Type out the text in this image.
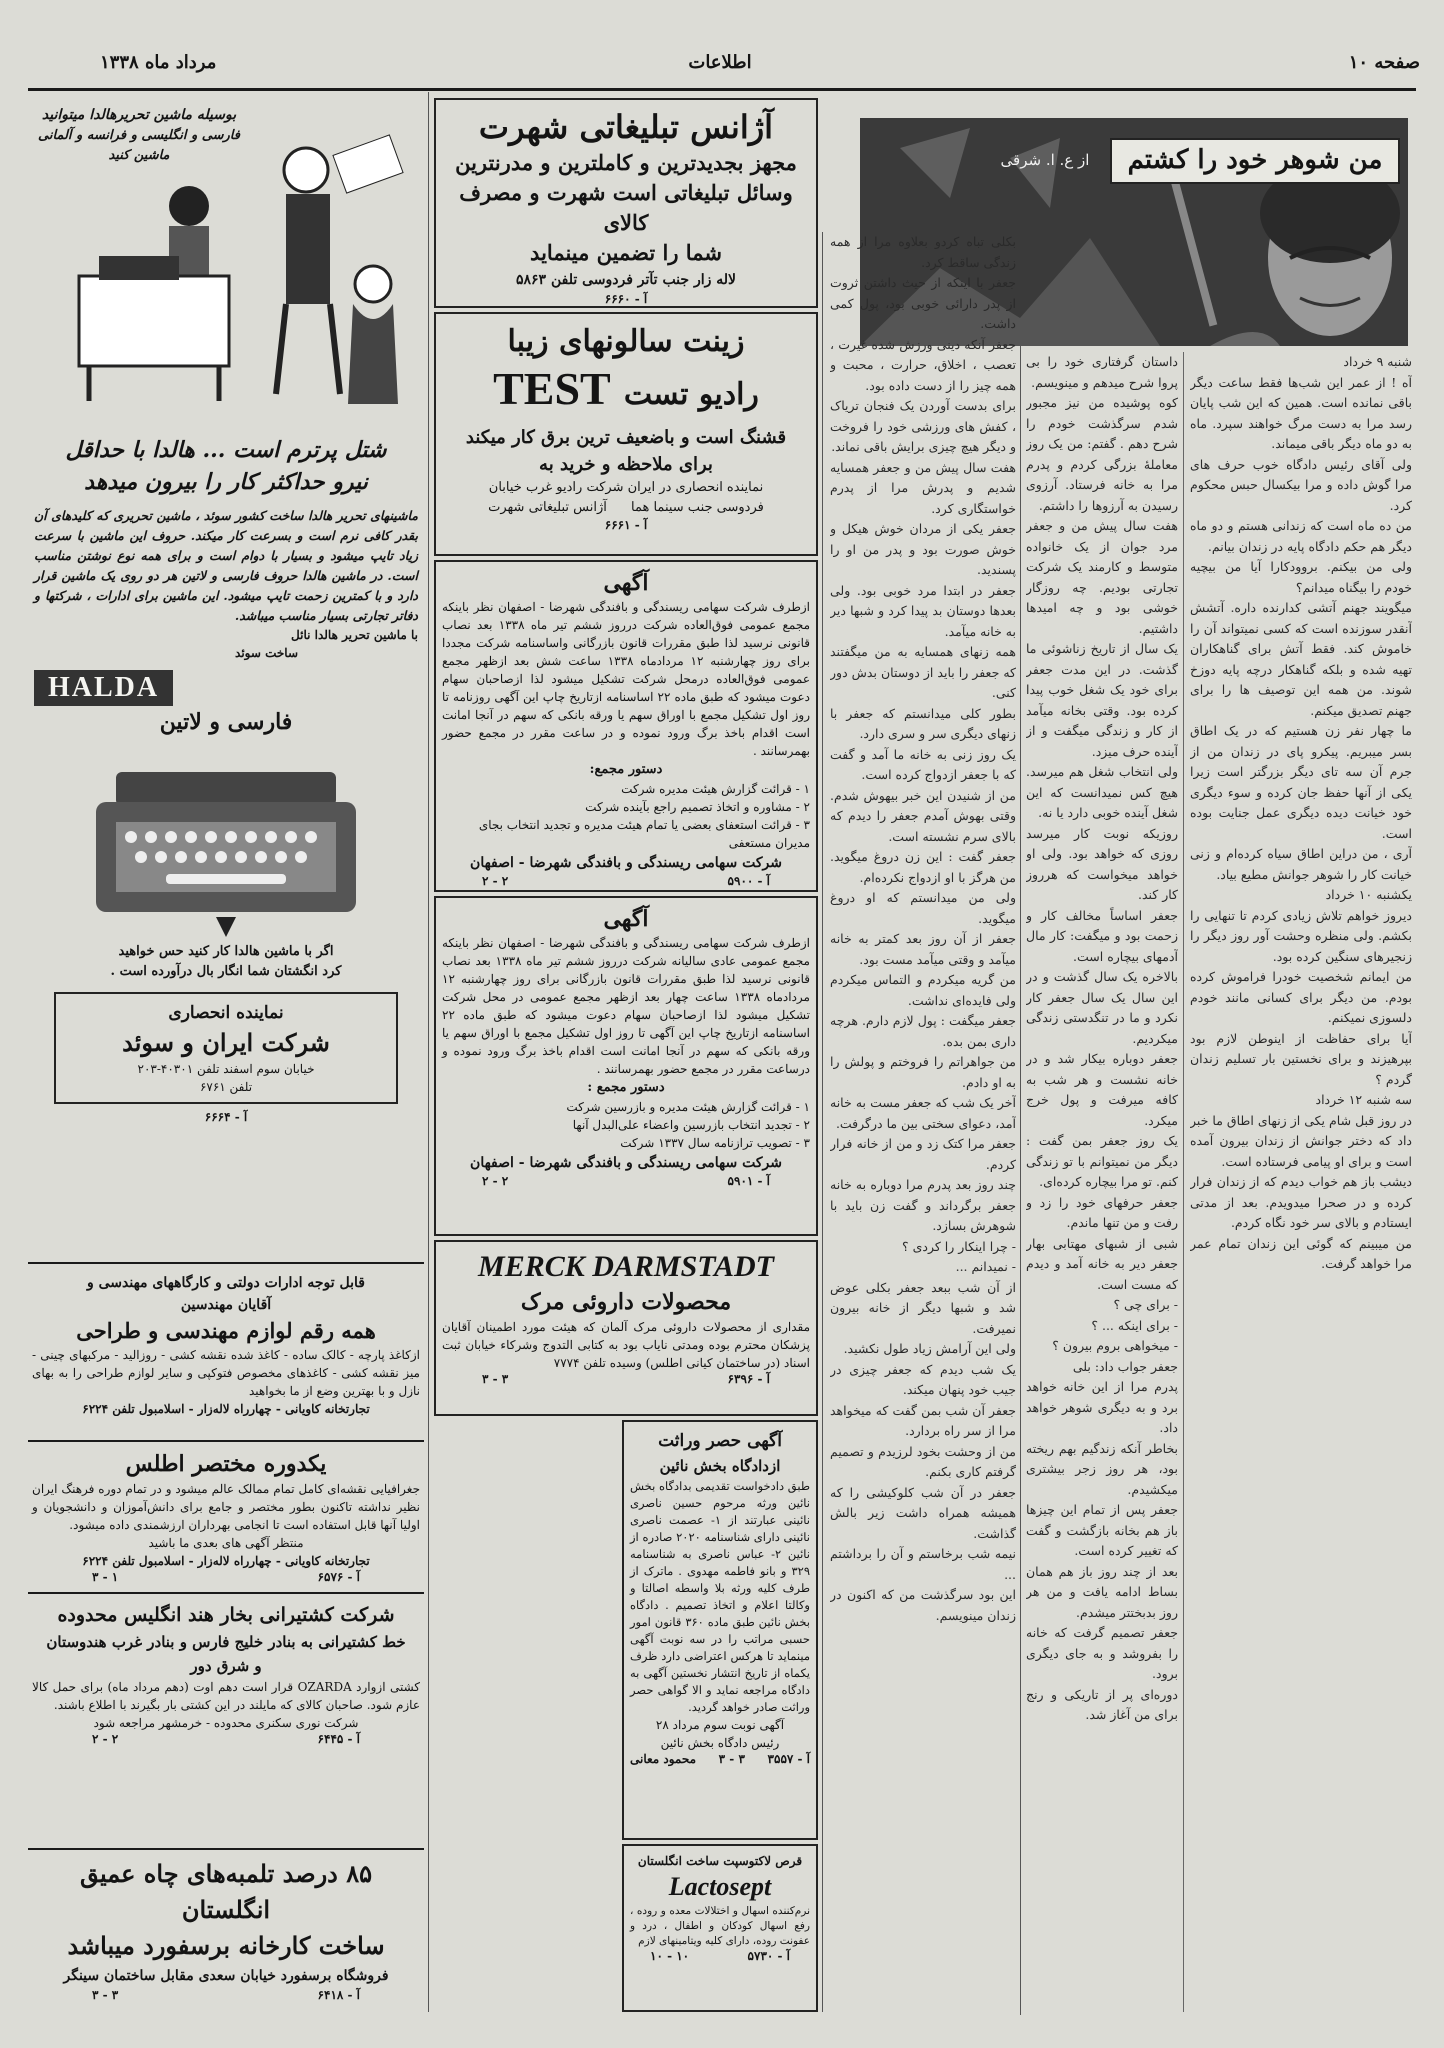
صفحه ۱۰
اطلاعات
مرداد ماه ۱۳۳۸
من شوهر خود را کشتم
از ع. ا. شرقی
شنبه ۹ خرداد
آه ! از عمر این شب‌ها فقط ساعت دیگر باقی نمانده است. همین که این شب پایان رسد مرا به دست مرگ خواهند سپرد. ماه به دو ماه دیگر باقی میماند.
ولی آقای رئیس دادگاه خوب حرف های مرا گوش داده و مرا بیکسال حبس محکوم کرد.
من ده ماه است که زندانی هستم و دو ماه دیگر هم حکم دادگاه پایه در زندان بیانم.
ولی من بیکنم. بروودکارا آیا من بیچیه خودم را بیگناه میدانم؟
میگویند جهنم آتشی کدارنده داره. آتشش آنقدر سوزنده است که کسی نمیتواند آن را خاموش کند. فقط آتش برای گناهکاران تهیه شده و بلکه گناهکار درچه پایه دوزخ شوند. من همه این توصیف ها را برای جهنم تصدیق میکنم.
ما چهار نفر زن هستیم که در یک اطاق بسر میبریم. پیکرو پای در زندان من از جرم آن سه تای دیگر بزرگتر است زیرا یکی از آنها حفظ جان کرده و سوء دیگری خود خیانت دیده دیگری عمل جنایت بوده است.
آری ، من دراین اطاق سیاه کرده‌ام و زنی خیانت کار را شوهر جوانش مطیع بیاد.
یکشنبه ۱۰ خرداد
دیروز خواهم تلاش زیادی کردم تا تنهایی را بکشم. ولی منظره وحشت آور روز دیگر را زنجیرهای سنگین کرده بود.
من ایمانم شخصیت خودرا فراموش کرده بودم. من دیگر برای کسانی مانند خودم دلسوزی نمیکنم.
آیا برای حفاظت از اینوطن لازم بود بپرهیزند و برای نخستین بار تسلیم زندان گردم ؟
سه شنبه ۱۲ خرداد
در روز قبل شام یکی از زنهای اطاق ما خبر داد که دختر جوانش از زندان بیرون آمده است و برای او پیامی فرستاده است.
دیشب باز هم خواب دیدم که از زندان فرار کرده و در صحرا میدویدم. بعد از مدتی ایستادم و بالای سر خود نگاه کردم.
من میبینم که گوئی این زندان تمام عمر مرا خواهد گرفت.
داستان گرفتاری خود را بی پروا شرح میدهم و مینویسم.
کوه پوشیده من نیز مجبور شدم سرگذشت خودم را شرح دهم . گفتم: من یک روز معاملهٔ بزرگی کردم و پدرم مرا به خانه فرستاد. آرزوی رسیدن به آرزوها را داشتم.
هفت سال پیش من و جعفر مرد جوان از یک خانواده متوسط و کارمند یک شرکت تجارتی بودیم. چه روزگار خوشی بود و چه امیدها داشتیم.
یک سال از تاریخ زناشوئی ما گذشت. در این مدت جعفر برای خود یک شغل خوب پیدا کرده بود. وقتی بخانه میآمد از کار و زندگی میگفت و از آینده حرف میزد.
ولی انتخاب شغل هم میرسد. هیچ کس نمیدانست که این شغل آینده خوبی دارد یا نه.
روزیکه نوبت کار میرسد روزی که خواهد بود. ولی او خواهد میخواست که هرروز کار کند.
جعفر اساساً مخالف کار و زحمت بود و میگفت: کار مال آدمهای بیچاره است.
بالاخره یک سال گذشت و در این سال یک سال جعفر کار نکرد و ما در تنگدستی زندگی میکردیم.
جعفر دوباره بیکار شد و در خانه نشست و هر شب به کافه میرفت و پول خرج میکرد.
یک روز جعفر بمن گفت : دیگر من نمیتوانم با تو زندگی کنم. تو مرا بیچاره کرده‌ای.
جعفر حرفهای خود را زد و رفت و من تنها ماندم.
شبی از شبهای مهتابی بهار جعفر دیر به خانه آمد و دیدم که مست است.
- برای چی ؟
- برای اینکه ... ؟
- میخواهی بروم بیرون ؟
جعفر جواب داد: بلی
پدرم مرا از این خانه خواهد برد و به دیگری شوهر خواهد داد.
بخاطر آنکه زندگیم بهم ریخته بود، هر روز زجر بیشتری میکشیدم.
جعفر پس از تمام این چیزها باز هم بخانه بازگشت و گفت که تغییر کرده است.
بعد از چند روز باز هم همان بساط ادامه یافت و من هر روز بدبختتر میشدم.
جعفر تصمیم گرفت که خانه را بفروشد و به جای دیگری برود.
دوره‌ای پر از تاریکی و رنج برای من آغاز شد.
بکلی تباه کردو بعلاوه مرا از همه زندگی ساقط کرد.
جعفر با اینکه از حیث داشتن ثروت از پدر دارائی خوبی بود، پول کمی داشت.
جعفر آنکه دینی ورزش شده غیرت ، تعصب ، اخلاق، حرارت ، محبت و همه چیز را از دست داده بود.
برای بدست آوردن یک فنجان تریاک ، کفش های ورزشی خود را فروخت و دیگر هیچ چیزی برایش باقی نماند.
هفت سال پیش من و جعفر همسایه شدیم و پدرش مرا از پدرم خواستگاری کرد.
جعفر یکی از مردان خوش هیکل و خوش صورت بود و پدر من او را پسندید.
جعفر در ابتدا مرد خوبی بود. ولی بعدها دوستان بد پیدا کرد و شبها دیر به خانه میآمد.
همه زنهای همسایه به من میگفتند که جعفر را باید از دوستان بدش دور کنی.
بطور کلی میدانستم که جعفر با زنهای دیگری سر و سری دارد.
یک روز زنی به خانه ما آمد و گفت که با جعفر ازدواج کرده است.
من از شنیدن این خبر بیهوش شدم. وقتی بهوش آمدم جعفر را دیدم که بالای سرم نشسته است.
جعفر گفت : این زن دروغ میگوید. من هرگز با او ازدواج نکرده‌ام.
ولی من میدانستم که او دروغ میگوید.
جعفر از آن روز بعد کمتر به خانه میآمد و وقتی میآمد مست بود.
من گریه میکردم و التماس میکردم ولی فایده‌ای نداشت.
جعفر میگفت : پول لازم دارم. هرچه داری بمن بده.
من جواهراتم را فروختم و پولش را به او دادم.
آخر یک شب که جعفر مست به خانه آمد، دعوای سختی بین ما درگرفت.
جعفر مرا کتک زد و من از خانه فرار کردم.
چند روز بعد پدرم مرا دوباره به خانه جعفر برگرداند و گفت زن باید با شوهرش بسازد.
- چرا اینکار را کردی ؟
- نمیدانم ...
از آن شب ببعد جعفر بکلی عوض شد و شبها دیگر از خانه بیرون نمیرفت.
ولی این آرامش زیاد طول نکشید.
یک شب دیدم که جعفر چیزی در جیب خود پنهان میکند.
جعفر آن شب بمن گفت که میخواهد مرا از سر راه بردارد.
من از وحشت بخود لرزیدم و تصمیم گرفتم کاری بکنم.
جعفر در آن شب کلوکیشی را که همیشه همراه داشت زیر بالش گذاشت.
نیمه شب برخاستم و آن را برداشتم ...
این بود سرگذشت من که اکنون در زندان مینویسم.
آژانس تبلیغاتی شهرت
مجهز بجدیدترین و کاملترین و مدرنترین
وسائل تبلیغاتی است شهرت و مصرف کالای
شما را تضمین مینماید
لاله زار جنب تآتر فردوسی تلفن ۵۸۶۳
آ - ۶۶۶۰
زینت سالونهای زیبا
رادیو تست TEST
قشنگ است و باضعیف ترین برق کار میکند
برای ملاحظه و خرید به
نماینده انحصاری در ایران شرکت رادیو غرب خیابان
فردوسی جنب سینما هما آژانس تبلیغاتی شهرت
آ - ۶۶۶۱
آگهی
ازطرف شرکت سهامی ریسندگی و بافندگی شهرضا - اصفهان نظر باینکه مجمع عمومی فوق‌العاده شرکت درروز ششم تیر ماه ۱۳۳۸ بعد نصاب قانونی نرسید لذا طبق مقررات قانون بازرگانی واساسنامه شرکت مجددا برای روز چهارشنبه ۱۲ مردادماه ۱۳۳۸ ساعت شش بعد ازظهر مجمع عمومی فوق‌العاده درمحل شرکت تشکیل میشود لذا ازصاحبان سهام دعوت میشود که طبق ماده ۲۲ اساسنامه ازتاریخ چاپ این آگهی روزنامه تا روز اول تشکیل مجمع با اوراق سهم یا ورقه بانکی که سهم در آنجا امانت است اقدام باخذ برگ ورود نموده و در ساعت مقرر در مجمع حضور بهمرسانند .
دستور مجمع:
۱ - قرائت گزارش هیئت مدیره شرکت
۲ - مشاوره و اتخاذ تصمیم راجع بآینده شرکت
۳ - قرائت استعفای بعضی یا تمام هیئت مدیره و تجدید انتخاب بجای مدیران مستعفی
شرکت سهامی ریسندگی و بافندگی شهرضا - اصفهان
آ - ۵۹۰۰
۲ - ۲
آگهی
ازطرف شرکت سهامی ریسندگی و بافندگی شهرضا - اصفهان نظر باینکه مجمع عمومی عادی سالیانه شرکت درروز ششم تیر ماه ۱۳۳۸ بعد نصاب قانونی نرسید لذا طبق مقررات قانون بازرگانی برای روز چهارشنبه ۱۲ مردادماه ۱۳۳۸ ساعت چهار بعد ازظهر مجمع عمومی در محل شرکت تشکیل میشود لذا ازصاحبان سهام دعوت میشود که طبق ماده ۲۲ اساسنامه ازتاریخ چاپ این آگهی تا روز اول تشکیل مجمع با اوراق سهم یا ورقه بانکی که سهم در آنجا امانت است اقدام باخذ برگ ورود نموده و درساعت مقرر در مجمع حضور بهمرسانند .
دستور مجمع :
۱ - قرائت گزارش هیئت مدیره و بازرسین شرکت
۲ - تجدید انتخاب بازرسین واعضاء علی‌البدل آنها
۳ - تصویب ترازنامه سال ۱۳۳۷ شرکت
شرکت سهامی ریسندگی و بافندگی شهرضا - اصفهان
آ - ۵۹۰۱
۲ - ۲
MERCK DARMSTADT
محصولات داروئی مرک
مقداری از محصولات داروئی مرک آلمان که هیئت مورد اطمینان آقایان پزشکان محترم بوده ومدتی نایاب بود به کتابی التدوج وشرکاء خیابان ثبت اسناد (در ساختمان کیانی اطلس) وسیده تلفن ۷۷۷۴
آ - ۶۳۹۶
۳ - ۳
آگهی حصر وراثت
ازدادگاه بخش نائین
طبق دادخواست تقدیمی بدادگاه بخش نائین ورثه مرحوم حسین ناصری نائینی عبارتند از ۱- عصمت ناصری نائینی دارای شناسنامه ۲۰۲۰ صادره از نائین ۲- عباس ناصری به شناسنامه ۳۲۹ و بانو فاطمه مهدوی . ماترک از طرف کلیه ورثه بلا واسطه اصالتا و وکالتا اعلام و اتخاذ تصمیم . دادگاه بخش نائین طبق ماده ۳۶۰ قانون امور حسبی مراتب را در سه نوبت آگهی مینماید تا هرکس اعتراضی دارد ظرف یکماه از تاریخ انتشار نخستین آگهی به دادگاه مراجعه نماید و الا گواهی حصر وراثت صادر خواهد گردید.
آگهی نوبت سوم مرداد ۲۸
رئیس دادگاه بخش نائین
آ - ۳۵۵۷
۳ - ۳
محمود معانی
قرص لاکتوسپت ساخت انگلستان
Lactosept
نرم‌کننده اسهال و اختلالات معده و روده ، رفع اسهال کودکان و اطفال ، درد و عفونت روده، دارای کلیه ویتامینهای لازم
آ - ۵۷۳۰
۱۰ - ۱۰
بوسیله ماشین تحریرهالدا میتوانید
فارسی و انگلیسی و فرانسه و آلمانی ماشین کنید
شتل پرترم است ... هالدا با حداقل
نیرو حداکثر کار را بیرون میدهد
ماشینهای تحریر هالدا ساخت کشور سوئد ، ماشین تحریری که کلیدهای آن بقدر کافی نرم است و بسرعت کار میکند. حروف این ماشین با سرعت زیاد تایپ میشود و بسیار با دوام است و برای همه نوع نوشتن مناسب است. در ماشین هالدا حروف فارسی و لاتین هر دو روی یک ماشین قرار دارد و با کمترین زحمت تایپ میشود. این ماشین برای ادارات ، شرکتها و دفاتر تجارتی بسیار مناسب میباشد.
با ماشین تحریر هالدا نائل
ساخت سوئد
HALDA
فارسی و لاتین
اگر با ماشین هالدا کار کنید حس خواهید
کرد انگشتان شما انگار بال درآورده است .
نماینده انحصاری
شرکت ایران و سوئد
خیابان سوم اسفند تلفن ۴۰۳۰۱-۲۰۳
تلفن ۶۷۶۱
آ - ۶۶۶۴
قابل توجه ادارات دولتی و کارگاههای مهندسی و
آقایان مهندسین
همه رقم لوازم مهندسی و طراحی
ازکاغذ پارچه - کالک ساده - کاغذ شده نقشه کشی - روزالید - مرکبهای چینی - میز نقشه کشی - کاغذهای مخصوص فتوکپی و سایر لوازم طراحی را به بهای نازل و با بهترین وضع از ما بخواهید
تجارتخانه کاویانی - چهارراه لاله‌زار - اسلامبول تلفن ۶۲۲۴
یکدوره مختصر اطلس
جغرافیایی نقشه‌ای کامل تمام ممالک عالم میشود و در تمام دوره فرهنگ ایران نظیر نداشته تاکنون بطور مختصر و جامع برای دانش‌آموزان و دانشجویان و اولیا آنها قابل استفاده است تا انجامی بهرداران ارزشمندی داده میشود.
منتظر آگهی های بعدی ما باشید
تجارتخانه کاویانی - چهارراه لاله‌زار - اسلامبول تلفن ۶۲۲۴
آ - ۶۵۷۶
۱ - ۳
شرکت کشتیرانی بخار هند انگلیس محدوده
خط کشتیرانی به بنادر خلیج فارس و بنادر غرب هندوستان
و شرق دور
کشتی ازوارد OZARDA قرار است دهم اوت (دهم مرداد ماه) برای حمل کالا عازم شود. صاحبان کالای که مایلند در این کشتی بار بگیرند با اطلاع باشند.
شرکت نوری سکنری محدوده - خرمشهر مراجعه شود
آ - ۶۴۴۵
۲ - ۲
۸۵ درصد تلمبه‌های چاه عمیق انگلستان
ساخت کارخانه برسفورد میباشد
فروشگاه برسفورد خیابان سعدی مقابل ساختمان سینگر
آ - ۶۴۱۸
۳ - ۳
